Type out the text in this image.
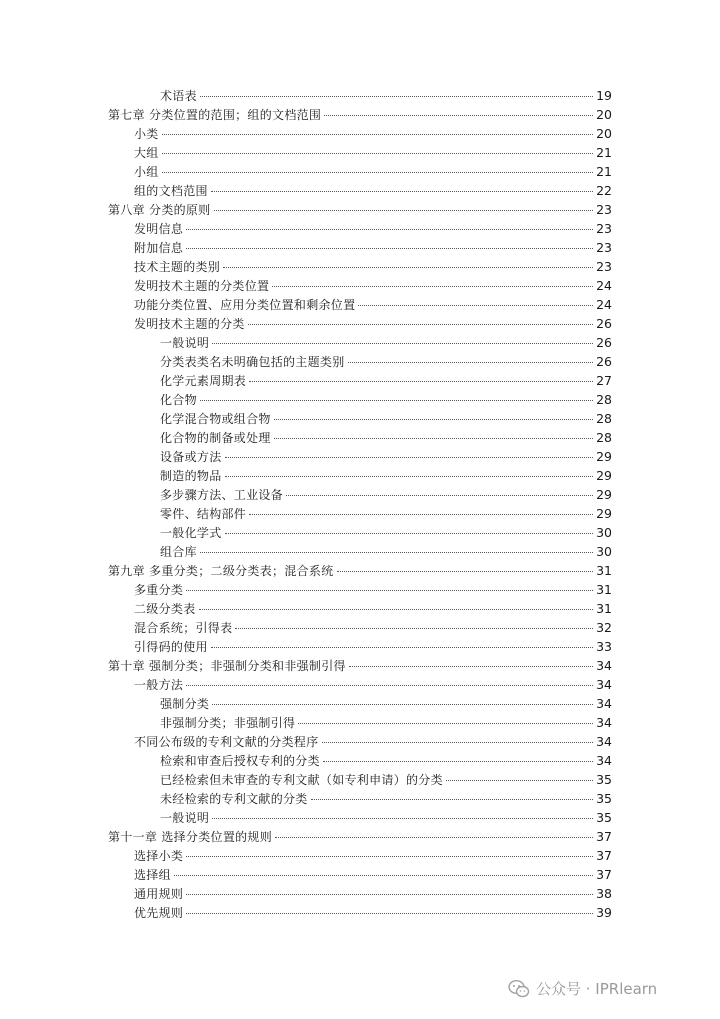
术语表	19
第七章 分类位置的范围；组的文档范围	20
小类	20
大组	21
小组	21
组的文档范围	22
第八章 分类的原则	23
发明信息	23
附加信息	23
技术主题的类别	23
发明技术主题的分类位置	24
功能分类位置、应用分类位置和剩余位置	24
发明技术主题的分类	26
一般说明	26
分类表类名未明确包括的主题类别	26
化学元素周期表	27
化合物	28
化学混合物或组合物	28
化合物的制备或处理	28
设备或方法	29
制造的物品	29
多步骤方法、工业设备	29
零件、结构部件	29
一般化学式	30
组合库	30
第九章 多重分类；二级分类表；混合系统	31
多重分类	31
二级分类表	31
混合系统；引得表	32
引得码的使用	33
第十章 强制分类；非强制分类和非强制引得	34
一般方法	34
强制分类	34
非强制分类；非强制引得	34
不同公布级的专利文献的分类程序	34
检索和审查后授权专利的分类	34
已经检索但未审查的专利文献（如专利申请）的分类	35
未经检索的专利文献的分类	35
一般说明	35
第十一章 选择分类位置的规则	37
选择小类	37
选择组	37
通用规则	38
优先规则	39
公众号 · IPRlearn
